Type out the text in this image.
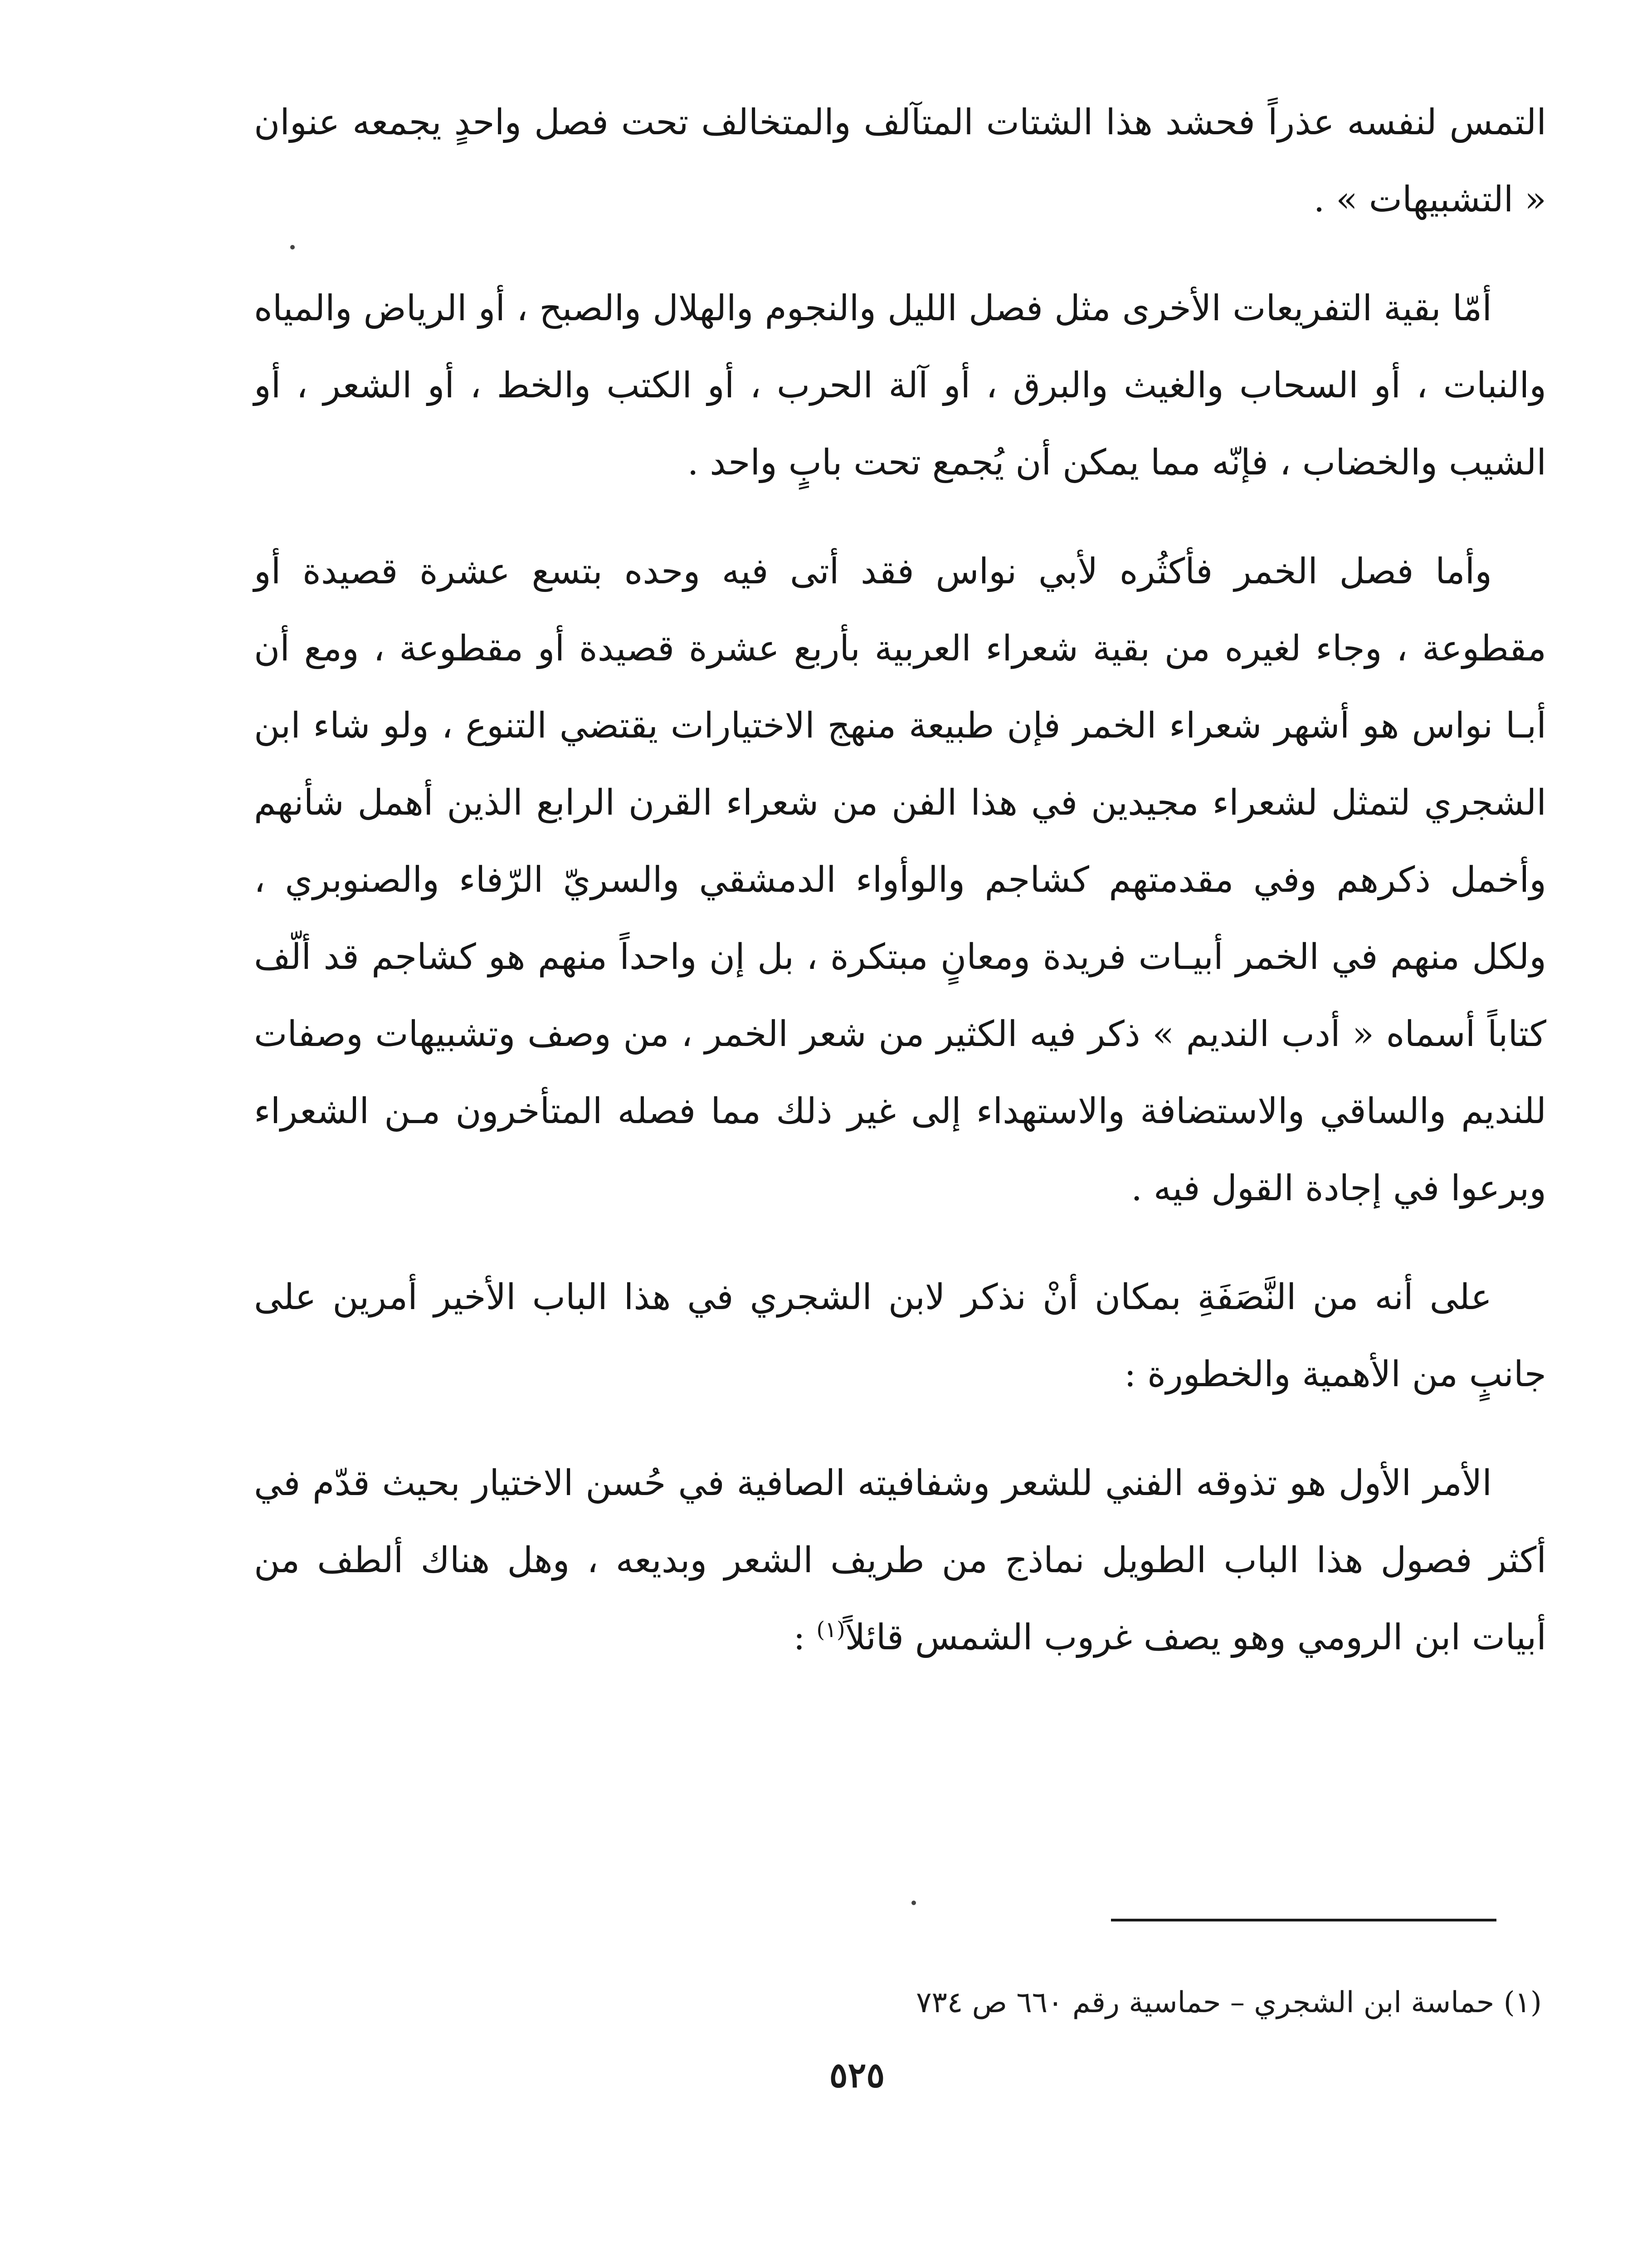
التمس لنفسه عذراً فحشد هذا الشتات المتآلف والمتخالف تحت فصل واحدٍ يجمعه عنوان « التشبيهات » .

أمّا بقية التفريعات الأخرى مثل فصل الليل والنجوم والهلال والصبح ، أو الرياض والمياه والنبات ، أو السحاب والغيث والبرق ، أو آلة الحرب ، أو الكتب والخط ، أو الشعر ، أو الشيب والخضاب ، فإنّه مما يمكن أن يُجمع تحت بابٍ واحد .

وأما فصل الخمر فأكثُره لأبي نواس فقد أتى فيه وحده بتسع عشرة قصيدة أو مقطوعة ، وجاء لغيره من بقية شعراء العربية بأربع عشرة قصيدة أو مقطوعة ، ومع أن أبـا نواس هو أشهر شعراء الخمر فإن طبيعة منهج الاختيارات يقتضي التنوع ، ولو شاء ابن الشجري لتمثل لشعراء مجيدين في هذا الفن من شعراء القرن الرابع الذين أهمل شأنهم وأخمل ذكرهم وفي مقدمتهم كشاجم والوأواء الدمشقي والسريّ الرّفاء والصنوبري ، ولكل منهم في الخمر أبيـات فريدة ومعانٍ مبتكرة ، بل إن واحداً منهم هو كشاجم قد ألّف كتاباً أسماه « أدب النديم » ذكر فيه الكثير من شعر الخمر ، من وصف وتشبيهات وصفات للنديم والساقي والاستضافة والاستهداء إلى غير ذلك مما فصله المتأخرون مـن الشعراء وبرعوا في إجادة القول فيه .

على أنه من النَّصَفَةِ بمكان أنْ نذكر لابن الشجري في هذا الباب الأخير أمرين على جانبٍ من الأهمية والخطورة :

الأمر الأول هو تذوقه الفني للشعر وشفافيته الصافية في حُسن الاختيار بحيث قدّم في أكثر فصول هذا الباب الطويل نماذج من طريف الشعر وبديعه ، وهل هناك ألطف من أبيات ابن الرومي وهو يصف غروب الشمس قائلاً$^{(١)}$ :

(١) حماسة ابن الشجري – حماسية رقم ٦٦٠ ص ٧٣٤
٥٢٥
